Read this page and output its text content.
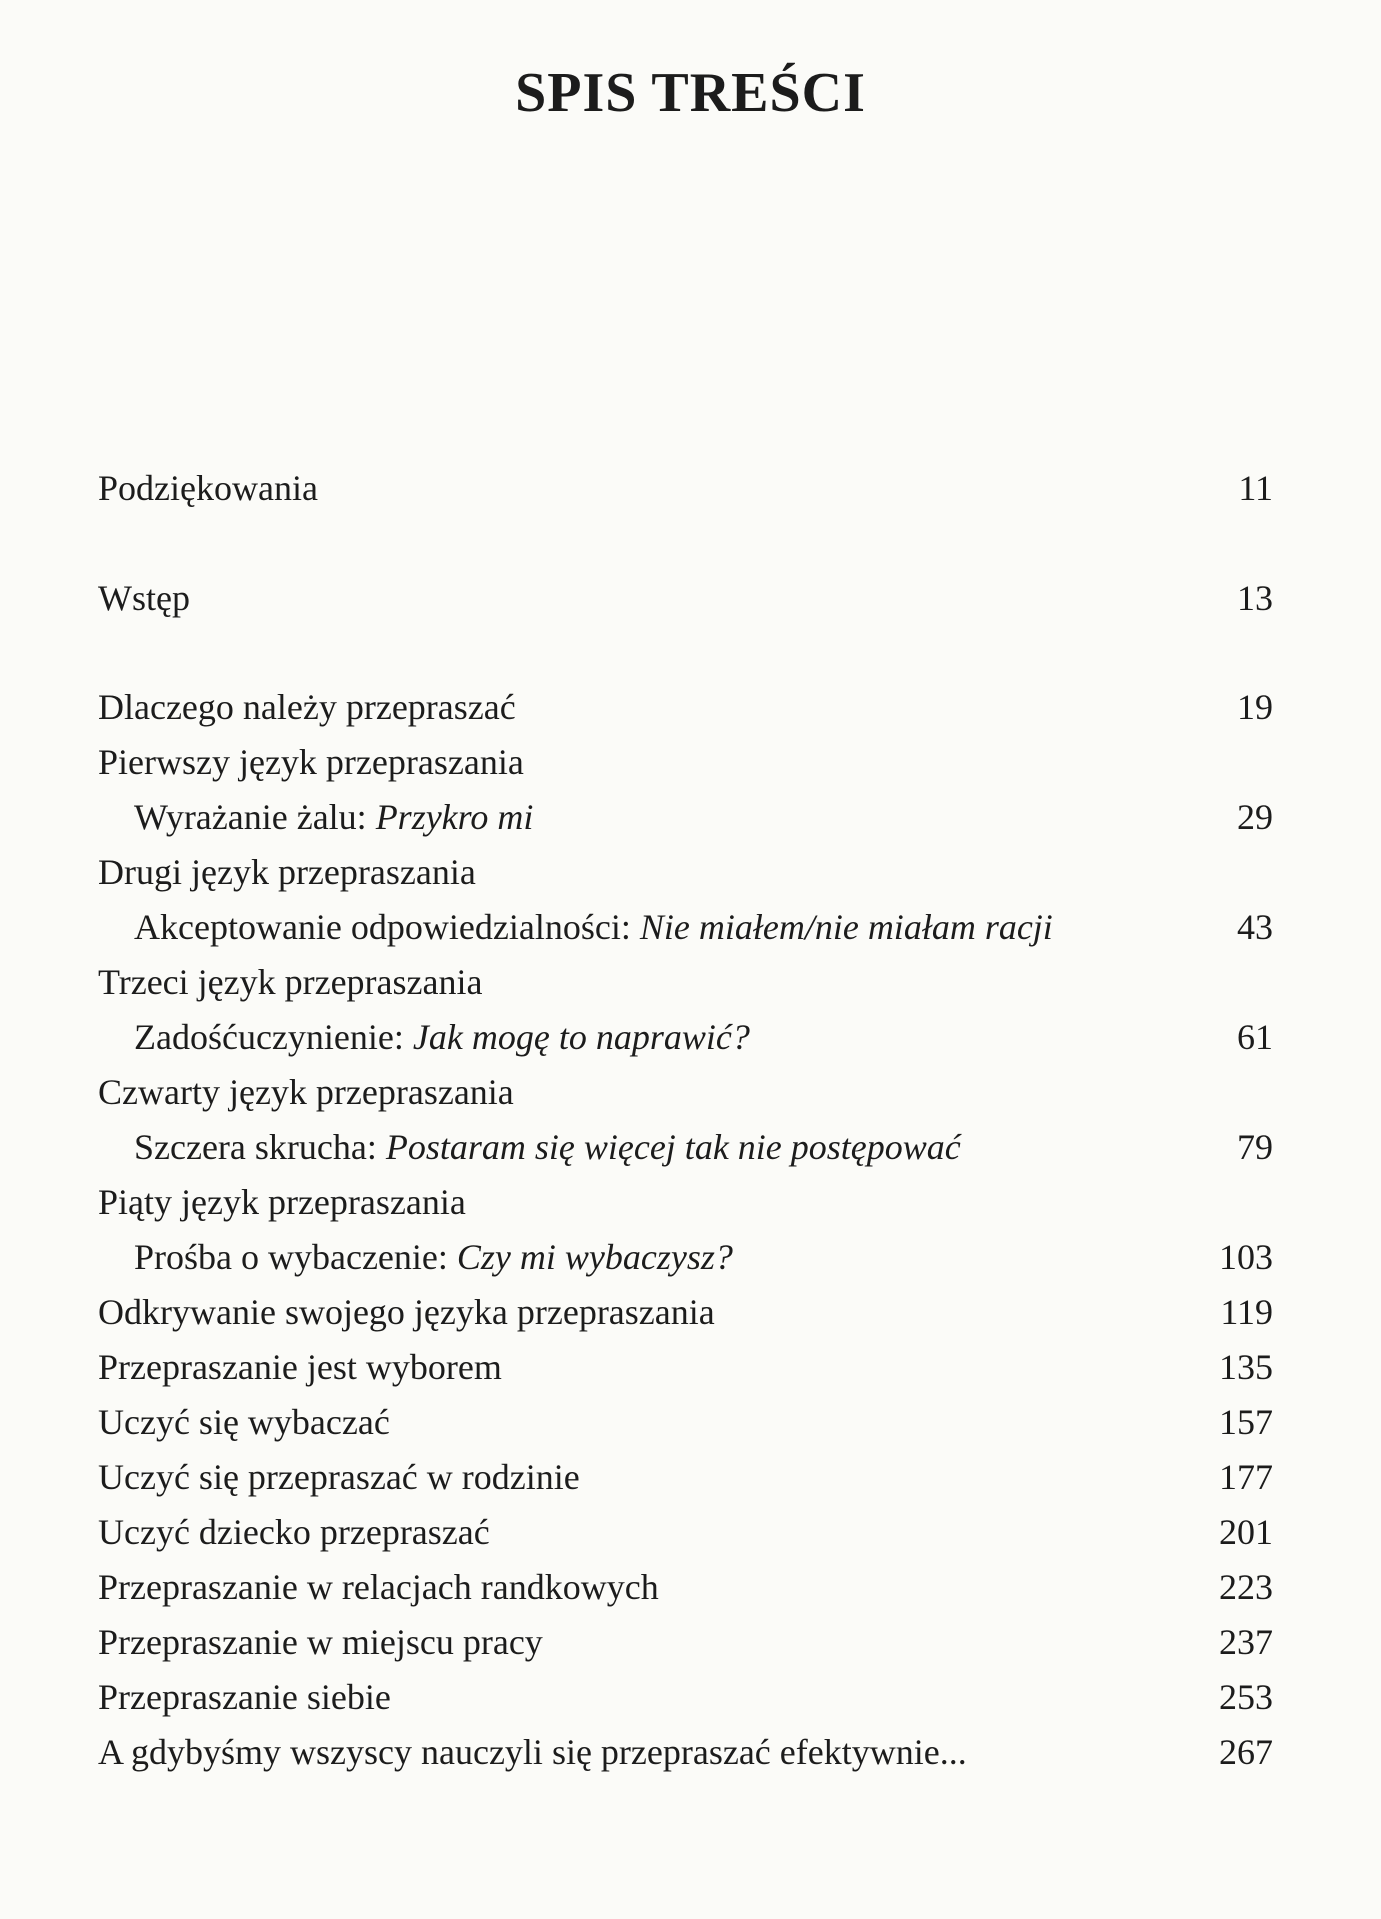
SPIS TREŚCI
Podziękowania	11
Wstęp	13
Dlaczego należy przepraszać	19
Pierwszy język przepraszania
Wyrażanie żalu: Przykro mi	29
Drugi język przepraszania
Akceptowanie odpowiedzialności: Nie miałem/nie miałam racji	43
Trzeci język przepraszania
Zadośćuczynienie: Jak mogę to naprawić?	61
Czwarty język przepraszania
Szczera skrucha: Postaram się więcej tak nie postępować	79
Piąty język przepraszania
Prośba o wybaczenie: Czy mi wybaczysz?	103
Odkrywanie swojego języka przepraszania	119
Przepraszanie jest wyborem	135
Uczyć się wybaczać	157
Uczyć się przepraszać w rodzinie	177
Uczyć dziecko przepraszać	201
Przepraszanie w relacjach randkowych	223
Przepraszanie w miejscu pracy	237
Przepraszanie siebie	253
A gdybyśmy wszyscy nauczyli się przepraszać efektywnie...	267
